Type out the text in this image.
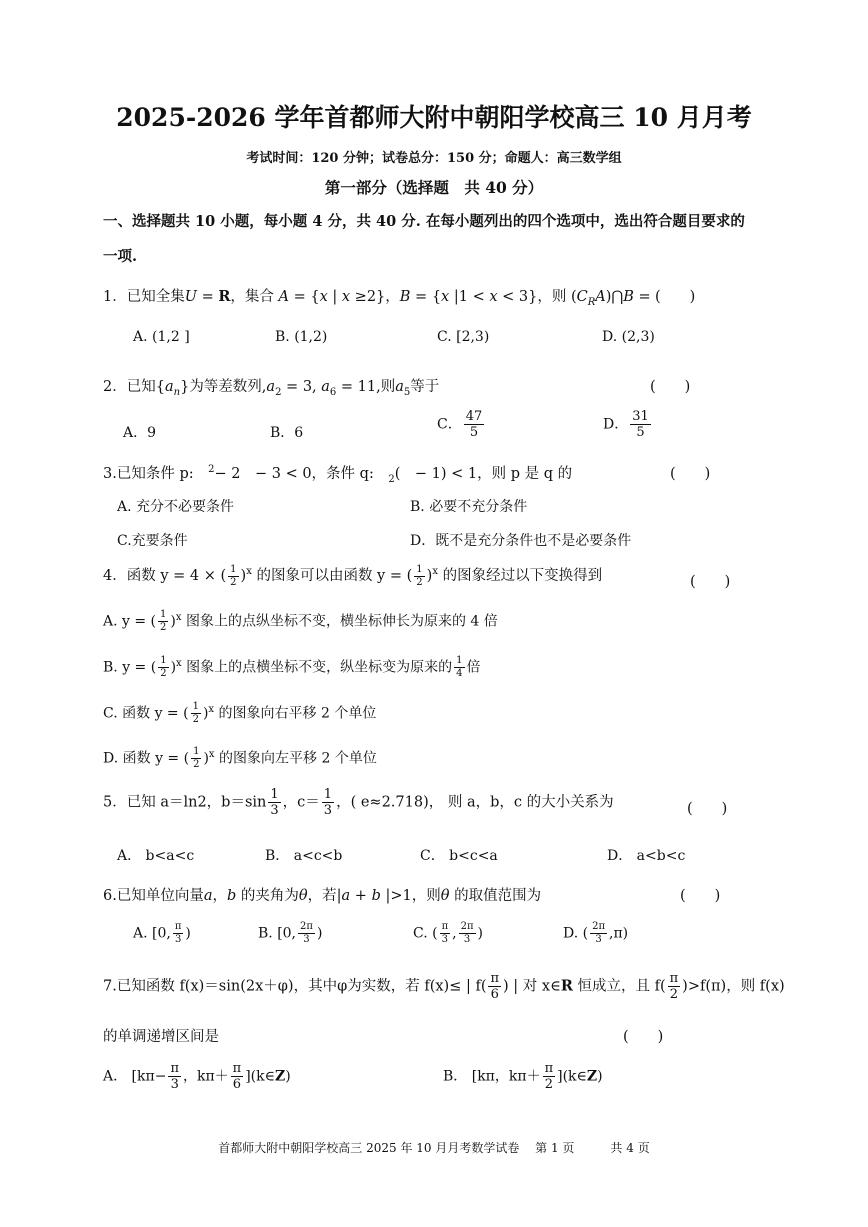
2025-2026 学年首都师大附中朝阳学校高三 10 月月考
考试时间：120 分钟；试卷总分：150 分；命题人：高三数学组
第一部分（选择题　共 40 分）
一、选择题共 10 小题，每小题 4 分，共 40 分. 在每小题列出的四个选项中，选出符合题目要求的
一项.
1．已知全集U = R，集合 A = {x | x ≥2}，B = {x |1 < x < 3}，则 $(C_RA)⋂B$ = (　　)
A. (1,2 ]	B. (1,2)	C. [2,3)	D. (2,3)
2．已知$\{a_n\}$为等差数列$,a_2 = 3$, $a_6 = 11$,则$a_5$等于	(　　)
A．9	B．6
C． $\frac{47}{5}$	D． $\frac{31}{5}$
3.已知条件 p:　$^2$− 2　− 3 < 0，条件 q:　$_2$(　− 1) < 1，则 p 是 q 的	(　　)
A. 充分不必要条件	B. 必要不充分条件
C.充要条件	D．既不是充分条件也不是必要条件
4．函数 y = 4 × ( $\frac{1}{2} )^x$ 的图象可以由函数 y = ( $\frac{1}{2} )^x$ 的图象经过以下变换得到	(　　)
A. y = ( $\frac{1}{2} )^x$ 图象上的点纵坐标不变，横坐标伸长为原来的 4 倍
B. y = ( $\frac{1}{2} )^x$ 图象上的点横坐标不变，纵坐标变为原来的 $\frac{1}{4}$ 倍
C. 函数 y = ( $\frac{1}{2} )^x$ 的图象向右平移 2 个单位
D. 函数 y = ( $\frac{1}{2} )^x$ 的图象向左平移 2 个单位
5．已知 a＝ln2，$b=\sin \frac{1}{3}$ ，$c= \frac{1}{3}$ ，( e≈2.718)， 则 a，b，c 的大小关系为	(　　)
A． b<a<c	B． a<c<b	C． b<c<a	D． a<b<c
6.已知单位向量a，b 的夹角为θ，若|a + b |>1，则θ 的取值范围为	(　　)
A. [0, $\frac{\pi}{3}$ )	B. [0, $\frac{2\pi}{3}$ )	C. ( $\frac{\pi}{3}$ , $\frac{2\pi}{3}$ )	D. ( $\frac{2\pi}{3} ,\pi$)
7.已知函数 f(x)＝sin(2x＋φ)，其中φ为实数，若 f(x)≤ | $f( \frac{\pi}{6}$ ) | 对 x∈R 恒成立，且 $f( \frac{\pi}{2} )>f(\pi)$，则 f(x)
的单调递增区间是	(　　)
A． [$k\pi- \frac{\pi}{3}$ ，$k\pi+ \frac{\pi}{6}$ ](k∈Z)	B． [kπ，$k\pi+ \frac{\pi}{2}$ ](k∈Z)
首都师大附中朝阳学校高三 2025 年 10 月月考数学试卷　 第 1 页　　　共 4 页
